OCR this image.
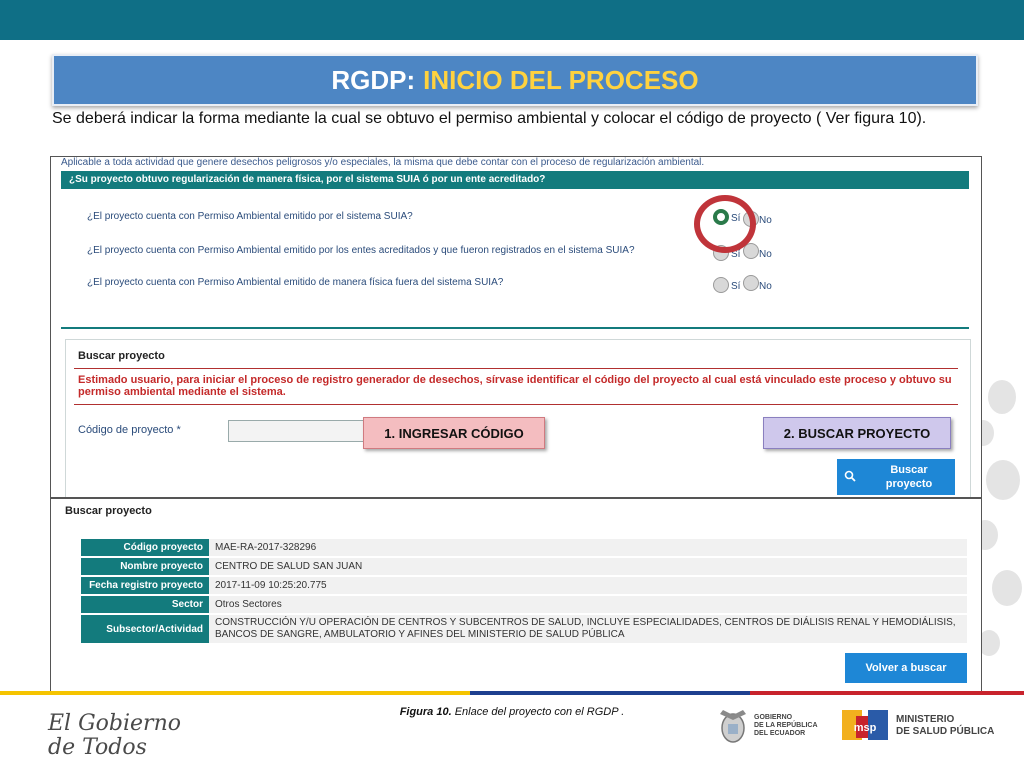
RGDP: INICIO DEL PROCESO
Se deberá indicar la forma mediante la cual se obtuvo el permiso ambiental y colocar el código de proyecto ( Ver figura 10).
Aplicable a toda actividad que genere desechos peligrosos y/o especiales, la misma que debe contar con el proceso de regularización ambiental.
¿Su proyecto obtuvo regularización de manera física, por el sistema SUIA ó por un ente acreditado?
¿El proyecto cuenta con Permiso Ambiental emitido por el sistema SUIA?	Sí No
¿El proyecto cuenta con Permiso Ambiental emitido por los entes acreditados y que fueron registrados en el sistema SUIA?	Sí No
¿El proyecto cuenta con Permiso Ambiental emitido de manera física fuera del sistema SUIA?	Sí No
Buscar proyecto
Estimado usuario, para iniciar el proceso de registro generador de desechos, sírvase identificar el código del proyecto al cual está vinculado este proceso y obtuvo su permiso ambiental mediante el sistema.
Código de proyecto *	1. INGRESAR CÓDIGO	2. BUSCAR PROYECTO
Buscar proyecto
Buscar proyecto
Código proyecto	MAE-RA-2017-328296
Nombre proyecto	CENTRO DE SALUD SAN JUAN
Fecha registro proyecto	2017-11-09 10:25:20.775
Sector	Otros Sectores
Subsector/Actividad
CONSTRUCCIÓN Y/U OPERACIÓN DE CENTROS Y SUBCENTROS DE SALUD, INCLUYE ESPECIALIDADES, CENTROS DE DIÁLISIS RENAL Y HEMODIÁLISIS, BANCOS DE SANGRE, AMBULATORIO Y AFINES DEL MINISTERIO DE SALUD PÚBLICA
Volver a buscar
Figura 10. Enlace del proyecto con el RGDP .
El Gobierno
de Todos
GOBIERNO
DE LA REPÚBLICA
DEL ECUADOR	msp
MINISTERIO
DE SALUD PÚBLICA
